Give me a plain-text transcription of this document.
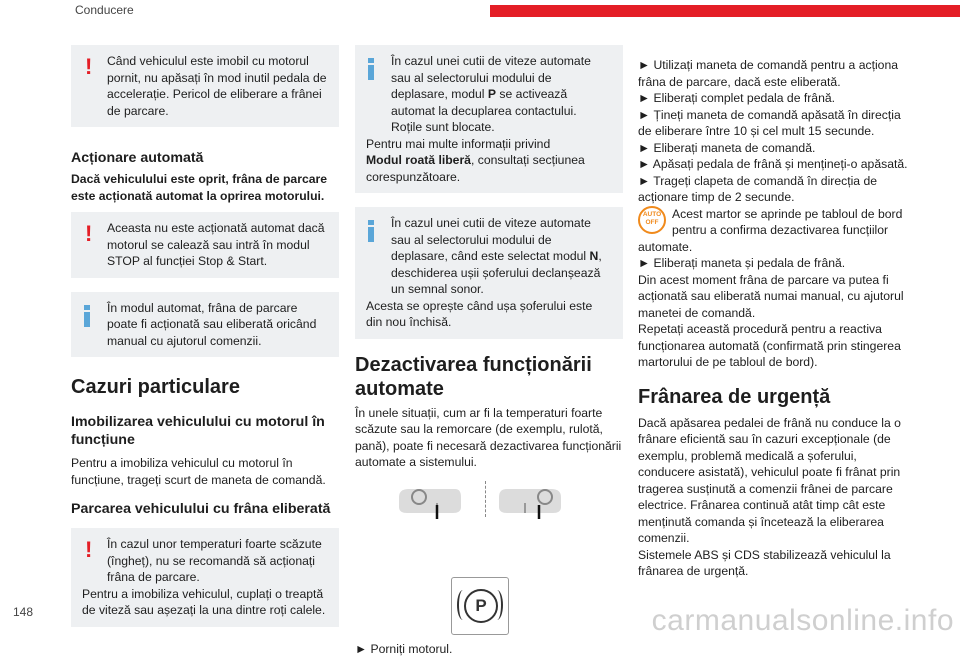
Conducere
!	Când vehiculul este imobil cu motorul pornit, nu apăsați în mod inutil pedala de accelerație. Pericol de eliberare a frânei de parcare.

Acționare automată

Dacă vehiculului este oprit, frâna de parcare este acționată automat la oprirea motorului.

!	Aceasta nu este acționată automat dacă motorul se calează sau intră în modul STOP al funcției Stop & Start.

În modul automat, frâna de parcare poate fi acționată sau eliberată oricând manual cu ajutorul comenzii.

Cazuri particulare
Imobilizarea vehiculului cu motorul în funcțiune

Pentru a imobiliza vehiculul cu motorul în funcțiune, trageți scurt de maneta de comandă.

Parcarea vehiculului cu frâna eliberată
!	În cazul unor temperaturi foarte scăzute (îngheț), nu se recomandă să acționați frâna de parcare.

Pentru a imobiliza vehiculul, cuplați o treaptă de viteză sau așezați la una dintre roți calele.

În cazul unei cutii de viteze automate sau al selectorului modului de deplasare, modul P se activează automat la decuplarea contactului. Roțile sunt blocate.

Pentru mai multe informații privind

Modul roată liberă, consultați secțiunea corespunzătoare.

În cazul unei cutii de viteze automate sau al selectorului modului de deplasare, când este selectat modul N, deschiderea ușii șoferului declanșează un semnal sonor.

Acesta se oprește când ușa șoferului este din nou închisă.

Dezactivarea funcționării automate

În unele situații, cum ar fi la temperaturi foarte scăzute sau la remorcare (de exemplu, rulotă, pană), poate fi necesară dezactivarea funcționării automate a sistemului.

P

► Porniți motorul.

► Utilizați maneta de comandă pentru a acționa frâna de parcare, dacă este eliberată.

► Eliberați complet pedala de frână.

► Țineți maneta de comandă apăsată în direcția de eliberare între 10 și cel mult 15 secunde.

► Eliberați maneta de comandă.

► Apăsați pedala de frână și mențineți-o apăsată.

► Trageți clapeta de comandă în direcția de acționare timp de 2 secunde.

AUTO
OFF

Acest martor se aprinde pe tabloul de bord pentru a confirma dezactivarea funcțiilor automate.

► Eliberați maneta și pedala de frână.

Din acest moment frâna de parcare va putea fi acționată sau eliberată numai manual, cu ajutorul manetei de comandă.

Repetați această procedură pentru a reactiva funcționarea automată (confirmată prin stingerea martorului de pe tabloul de bord).

Frânarea de urgență

Dacă apăsarea pedalei de frână nu conduce la o frânare eficientă sau în cazuri excepționale (de exemplu, problemă medicală a șoferului, conducere asistată), vehiculul poate fi frânat prin tragerea susținută a comenzii frânei de parcare electrice. Frânarea continuă atât timp cât este menținută comanda și încetează la eliberarea comenzii.

Sistemele ABS și CDS stabilizează vehiculul la frânarea de urgență.

148	carmanualsonline.info
